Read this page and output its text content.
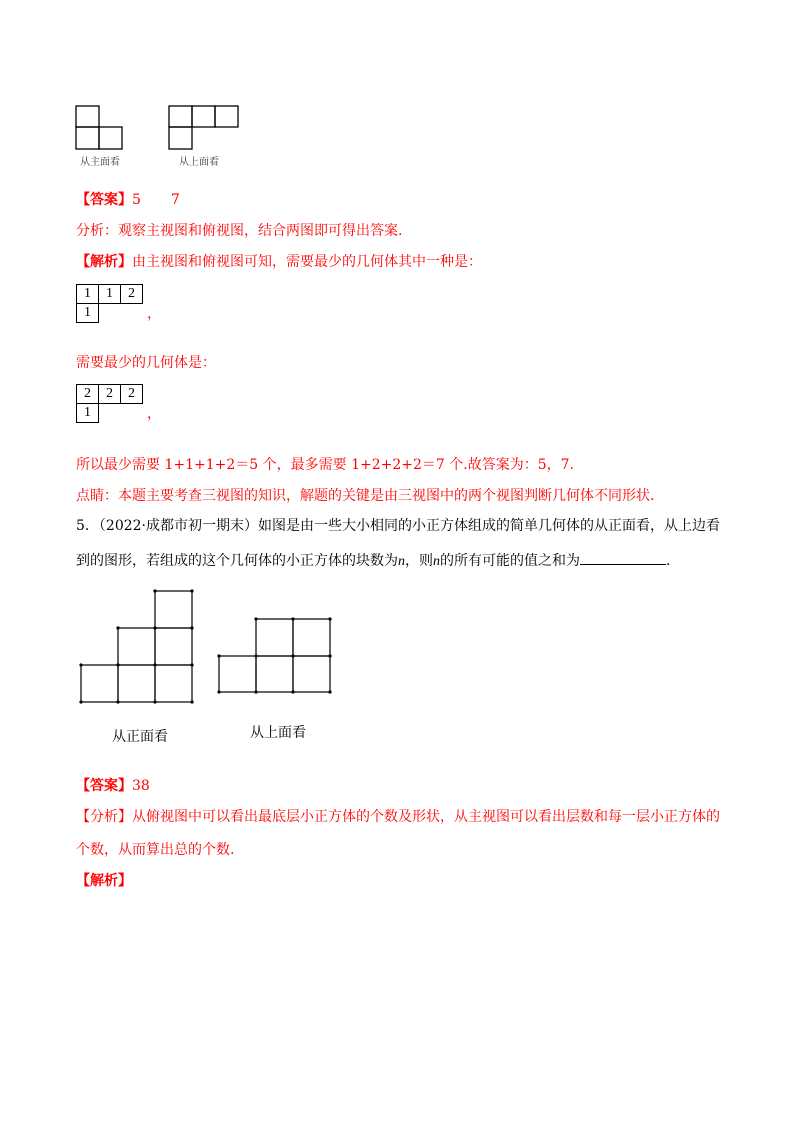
从主面看	从上面看
【答案】5 7
分析：观察主视图和俯视图，结合两图即可得出答案.
【解析】由主视图和俯视图可知，需要最少的几何体其中一种是：
1	1	2
1			，
需要最少的几何体是：
2	2	2
1			，
所以最少需要 1+1+1+2＝5 个，最多需要 1+2+2+2＝7 个.故答案为：5，7.
点睛：本题主要考查三视图的知识，解题的关键是由三视图中的两个视图判断几何体不同形状.
5．（2022·成都市初一期末）如图是由一些大小相同的小正方体组成的简单几何体的从正面看，从上边看
到的图形，若组成的这个几何体的小正方体的块数为n，则n的所有可能的值之和为	.
从正面看	从上面看
【答案】38
【分析】从俯视图中可以看出最底层小正方体的个数及形状，从主视图可以看出层数和每一层小正方体的
个数，从而算出总的个数.
【解析】
